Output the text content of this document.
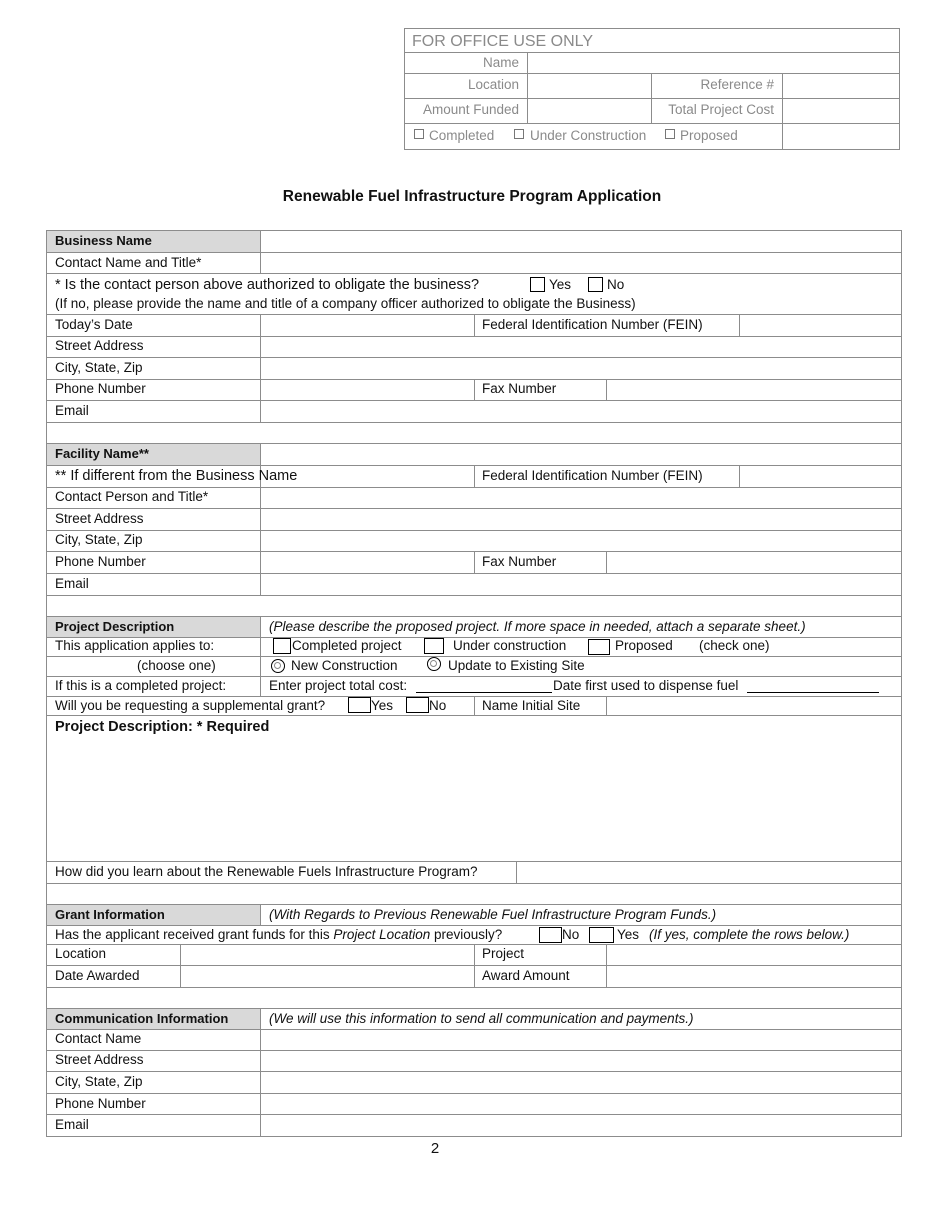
FOR OFFICE USE ONLY
Name
Location	Reference #
Amount Funded	Total Project Cost
Completed	Under Construction Proposed
Renewable Fuel Infrastructure Program Application
Business Name
Contact Name and Title*
* Is the contact person above authorized to obligate the business?	Yes	No
(If no, please provide the name and title of a company officer authorized to obligate the Business)
Today’s Date	Federal Identification Number (FEIN)
Street Address
City, State, Zip
Phone Number	Fax Number
Email
Facility Name**
** If different from the Business Name	Federal Identification Number (FEIN)
Contact Person and Title*
Street Address
City, State, Zip
Phone Number	Fax Number
Email
Project Description	(Please describe the proposed project. If more space in needed, attach a separate sheet.)
This application applies to:	Completed project	Under construction	Proposed (check one)
(choose one)	New Construction	Update to Existing Site
If this is a completed project:	Enter project total cost:	Date first used to dispense fuel
Will you be requesting a supplemental grant?	Yes	No	Name Initial Site
Project Description: * Required
How did you learn about the Renewable Fuels Infrastructure Program?
Grant Information	(With Regards to Previous Renewable Fuel Infrastructure Program Funds.)
Has the applicant received grant funds for this Project Location previously?	No	Yes (If yes, complete the rows below.)
Location	Project
Date Awarded	Award Amount
Communication Information	(We will use this information to send all communication and payments.)
Contact Name
Street Address
City, State, Zip
Phone Number
Email
2
